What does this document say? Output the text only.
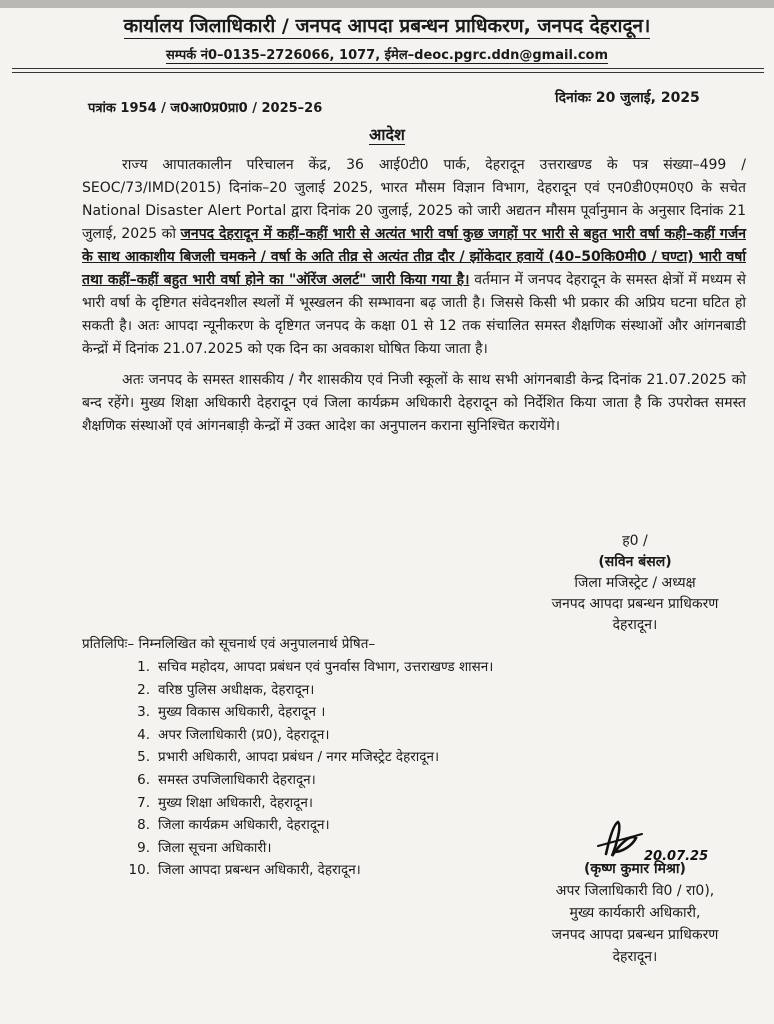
कार्यालय जिलाधिकारी / जनपद आपदा प्रबन्धन प्राधिकरण, जनपद देहरादून।
सम्पर्क नं0–0135–2726066, 1077, ईमेल–deoc.pgrc.ddn@gmail.com
पत्रांक 1954 / ज0आ0प्र0प्रा0 / 2025–26
दिनांकः 20 जुलाई, 2025
आदेश

राज्य आपातकालीन परिचालन केंद्र, 36 आई0टी0 पार्क, देहरादून उत्तराखण्ड के पत्र संख्या–499 / SEOC/73/IMD(2015) दिनांक–20 जुलाई 2025, भारत मौसम विज्ञान विभाग, देहरादून एवं एन0डी0एम0ए0 के सचेत National Disaster Alert Portal द्वारा दिनांक 20 जुलाई, 2025 को जारी अद्यतन मौसम पूर्वानुमान के अनुसार दिनांक 21 जुलाई, 2025 को जनपद देहरादून में कहीं–कहीं भारी से अत्यंत भारी वर्षा कुछ जगहों पर भारी से बहुत भारी वर्षा कही–कहीं गर्जन के साथ आकाशीय बिजली चमकने / वर्षा के अति तीव्र से अत्यंत तीव्र दौर / झोंकेदार हवायें (40–50कि0मी0 / घण्टा) भारी वर्षा तथा कहीं–कहीं बहुत भारी वर्षा होने का "ऑरेंज अलर्ट" जारी किया गया है। वर्तमान में जनपद देहरादून के समस्त क्षेत्रों में मध्यम से भारी वर्षा के दृष्टिगत संवेदनशील स्थलों में भूस्खलन की सम्भावना बढ़ जाती है। जिससे किसी भी प्रकार की अप्रिय घटना घटित हो सकती है। अतः आपदा न्यूनीकरण के दृष्टिगत जनपद के कक्षा 01 से 12 तक संचालित समस्त शैक्षणिक संस्थाओं और आंगनबाडी केन्द्रों में दिनांक 21.07.2025 को एक दिन का अवकाश घोषित किया जाता है।

अतः जनपद के समस्त शासकीय / गैर शासकीय एवं निजी स्कूलों के साथ सभी आंगनबाडी केन्द्र दिनांक 21.07.2025 को बन्द रहेंगे। मुख्य शिक्षा अधिकारी देहरादून एवं जिला कार्यक्रम अधिकारी देहरादून को निर्देशित किया जाता है कि उपरोक्त समस्त शैक्षणिक संस्थाओं एवं आंगनबाड़ी केन्द्रों में उक्त आदेश का अनुपालन कराना सुनिश्चित करायेंगे।

ह0 /
(सविन बंसल)
जिला मजिस्ट्रेट / अध्यक्ष
जनपद आपदा प्रबन्धन प्राधिकरण
देहरादून।
प्रतिलिपिः– निम्नलिखित को सूचनार्थ एवं अनुपालनार्थ प्रेषित–
1. सचिव महोदय, आपदा प्रबंधन एवं पुनर्वास विभाग, उत्तराखण्ड शासन।
2. वरिष्ठ पुलिस अधीक्षक, देहरादून।
3. मुख्य विकास अधिकारी, देहरादून ।
4. अपर जिलाधिकारी (प्र0), देहरादून।
5. प्रभारी अधिकारी, आपदा प्रबंधन / नगर मजिस्ट्रेट देहरादून।
6. समस्त उपजिलाधिकारी देहरादून।
7. मुख्य शिक्षा अधिकारी, देहरादून।
8. जिला कार्यक्रम अधिकारी, देहरादून।
9. जिला सूचना अधिकारी।
10. जिला आपदा प्रबन्धन अधिकारी, देहरादून।
20.07.25
(कृष्ण कुमार मिश्रा)
अपर जिलाधिकारी वि0 / रा0),
मुख्य कार्यकारी अधिकारी,
जनपद आपदा प्रबन्धन प्राधिकरण
देहरादून।
